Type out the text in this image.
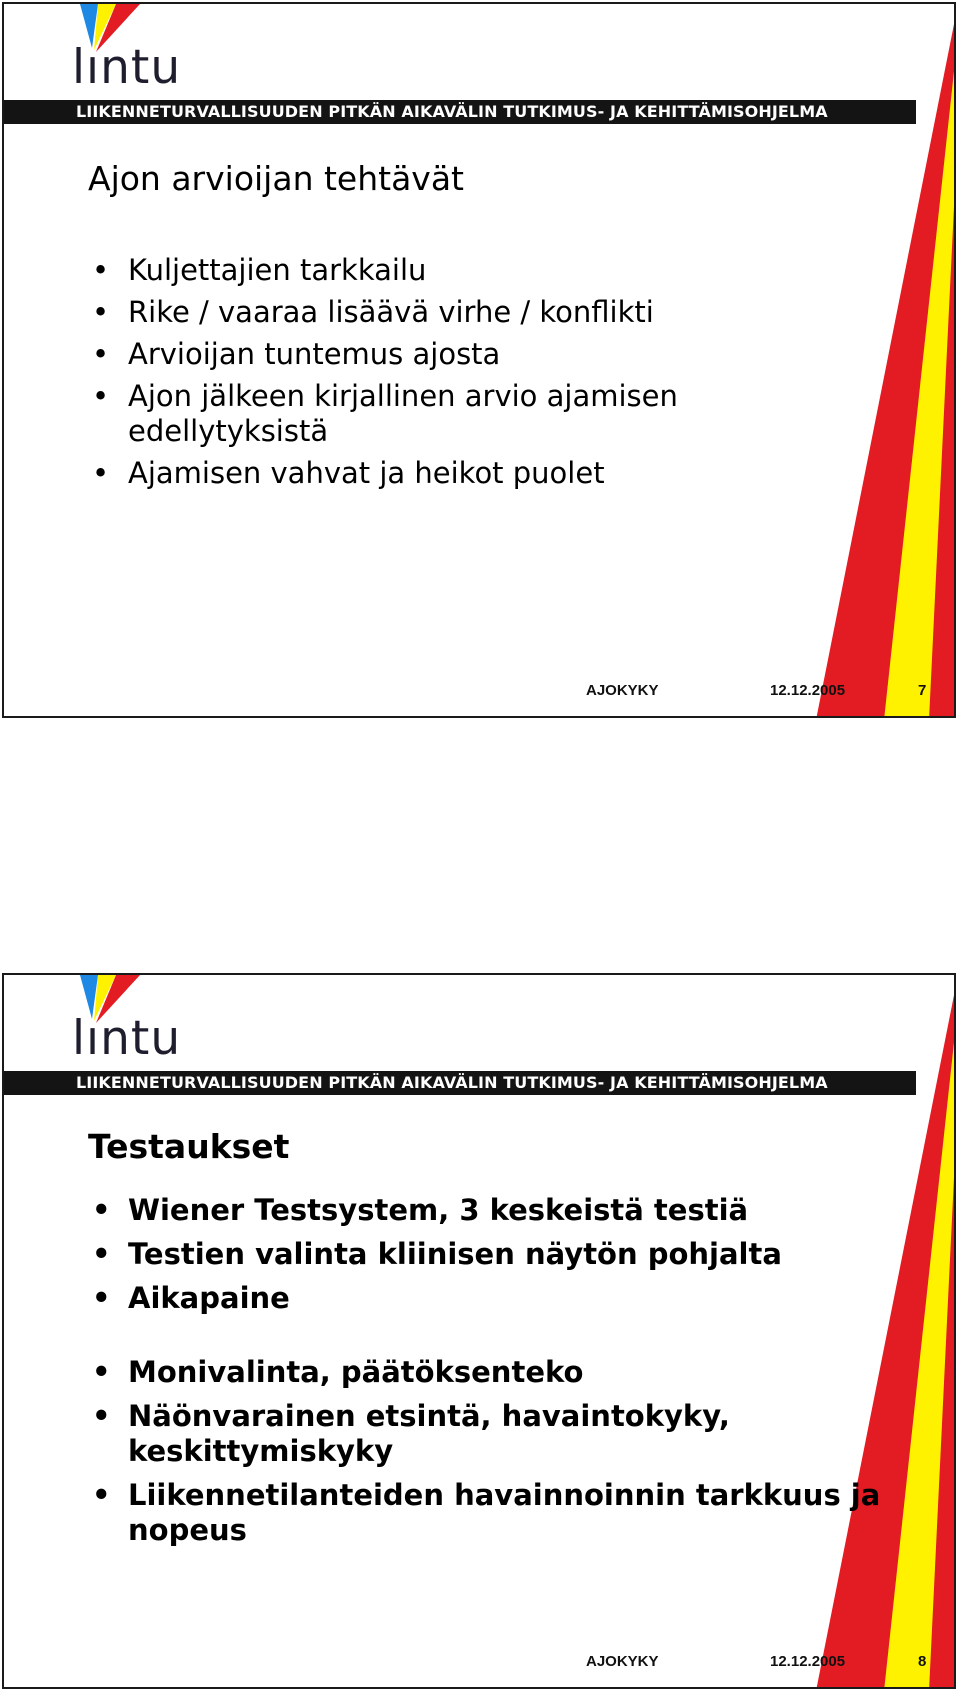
lıntu
LIIKENNETURVALLISUUDEN PITKÄN AIKAVÄLIN TUTKIMUS- JA KEHITTÄMISOHJELMA
Ajon arvioijan tehtävät
• Kuljettajien tarkkailu
• Rike / vaaraa lisäävä virhe / konflikti
• Arvioijan tuntemus ajosta
• Ajon jälkeen kirjallinen arvio ajamisen edellytyksistä
• Ajamisen vahvat ja heikot puolet
AJOKYKY	12.12.2005	7
lıntu
LIIKENNETURVALLISUUDEN PITKÄN AIKAVÄLIN TUTKIMUS- JA KEHITTÄMISOHJELMA
Testaukset
• Wiener Testsystem, 3 keskeistä testiä
• Testien valinta kliinisen näytön pohjalta
• Aikapaine
• Monivalinta, päätöksenteko
• Näönvarainen etsintä, havaintokyky, keskittymiskyky
• Liikennetilanteiden havainnoinnin tarkkuus ja nopeus
AJOKYKY	12.12.2005	8
